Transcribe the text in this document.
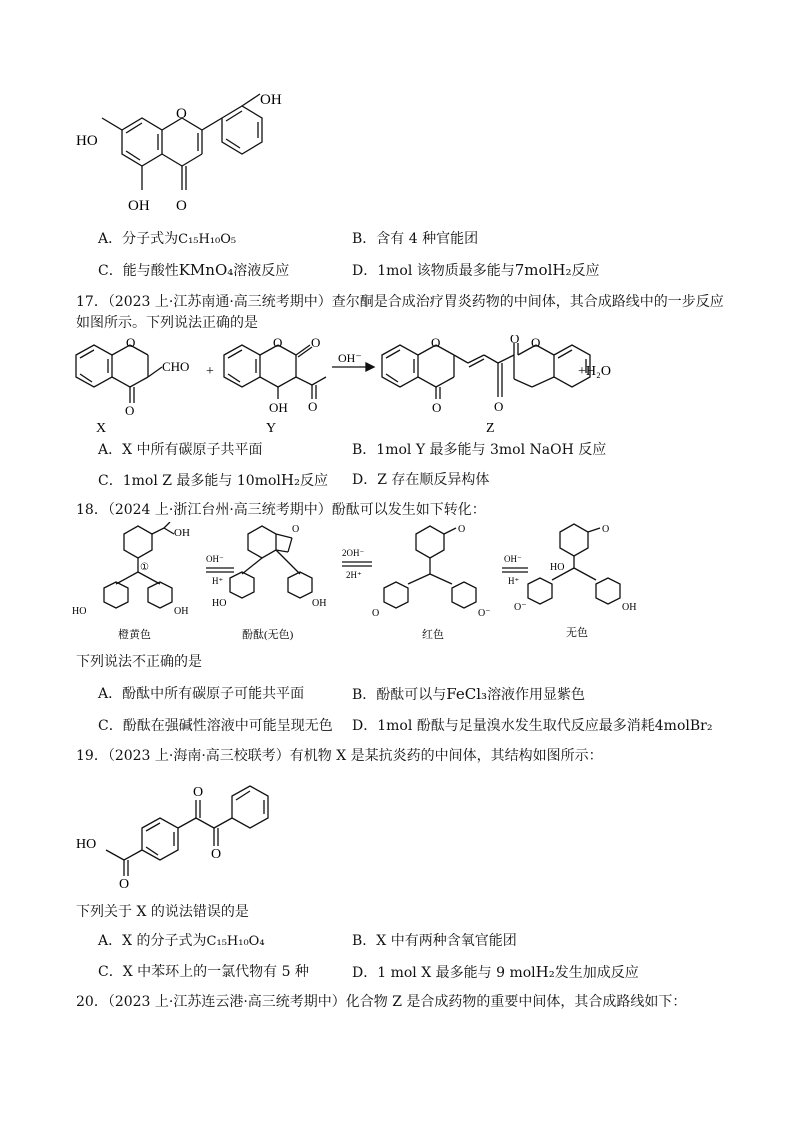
OH
HO
OH O
O
A．分子式为C₁₅H₁₀O₅	B．含有 4 种官能团
C．能与酸性KMnO₄溶液反应	D．1mol 该物质最多能与7molH₂反应
17．（2023 上·江苏南通·高三统考期中）查尔酮是合成治疗胃炎药物的中间体，其合成路线中的一步反应
如图所示。下列说法正确的是
O
O
CHO
X
+
O O
OH O
Y
OH⁻
O
O	O
O O
Z
+H₂O
A．X 中所有碳原子共平面	B．1mol Y 最多能与 3mol NaOH 反应
C．1mol Z 最多能与 10molH₂反应 D．Z 存在顺反异构体
18．（2024 上·浙江台州·高三统考期中）酚酞可以发生如下转化：
OH
①
HO	OH
橙黄色
OH⁻
H⁺
O
HO	OH
酚酞(无色)
2OH⁻
2H⁺
O
O	O⁻
红色
OH⁻
H⁺
O
HO
O⁻	OH
无色
下列说法不正确的是
A．酚酞中所有碳原子可能共平面	B．酚酞可以与FeCl₃溶液作用显紫色
C．酚酞在强碱性溶液中可能呈现无色 D．1mol 酚酞与足量溴水发生取代反应最多消耗4molBr₂
19．（2023 上·海南·高三校联考）有机物 X 是某抗炎药的中间体，其结构如图所示：
HO
O
O
O
下列关于 X 的说法错误的是
A．X 的分子式为C₁₅H₁₀O₄	B．X 中有两种含氧官能团
C．X 中苯环上的一氯代物有 5 种	D．1 mol X 最多能与 9 molH₂发生加成反应
20．（2023 上·江苏连云港·高三统考期中）化合物 Z 是合成药物的重要中间体，其合成路线如下：
